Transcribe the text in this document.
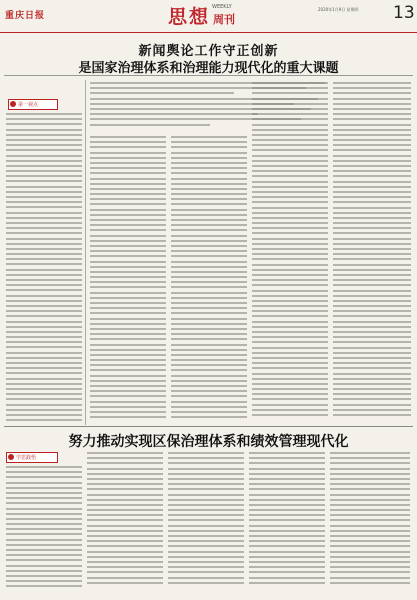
重庆日报	思想 WEEKLY
周刊
2020年1月9日 星期四 13
新闻舆论工作守正创新
是国家治理体系和治理能力现代化的重大课题
第一视点
努力推动实现区保治理体系和绩效管理现代化
学思践悟
